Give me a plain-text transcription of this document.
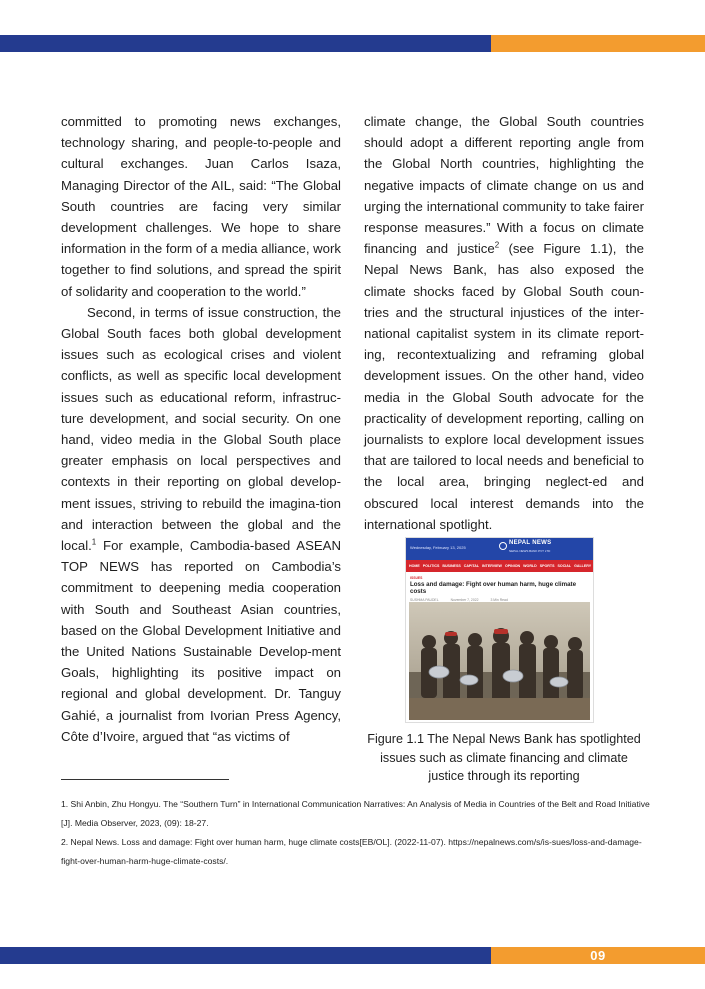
committed to promoting news exchanges, technology sharing, and people-to-people and cultural exchanges. Juan Carlos Isaza, Managing Director of the AIL, said: “The Global South countries are facing very similar development challenges. We hope to share information in the form of a media alliance, work together to find solutions, and spread the spirit of solidarity and cooperation to the world.”

Second, in terms of issue construction, the Global South faces both global development issues such as ecological crises and violent conflicts, as well as specific local development issues such as educational reform, infrastruc-ture development, and social security. On one hand, video media in the Global South place greater emphasis on local perspectives and contexts in their reporting on global develop-ment issues, striving to rebuild the imagina-tion and interaction between the global and the local.$^1$ For example, Cambodia-based ASEAN TOP NEWS has reported on Cambodia’s commitment to deepening media cooperation with South and Southeast Asian countries, based on the Global Development Initiative and the United Nations Sustainable Develop-ment Goals, highlighting its positive impact on regional and global development. Dr. Tanguy Gahié, a journalist from Ivorian Press Agency, Côte d’Ivoire, argued that “as victims of

climate change, the Global South countries should adopt a different reporting angle from the Global North countries, highlighting the negative impacts of climate change on us and urging the international community to take fairer response measures.” With a focus on climate financing and justice$^2$ (see Figure 1.1), the Nepal News Bank, has also exposed the climate shocks faced by Global South coun-tries and the structural injustices of the inter-national capitalist system in its climate report-ing, recontextualizing and reframing global development issues. On the other hand, video media in the Global South advocate for the practicality of development reporting, calling on journalists to explore local development issues that are tailored to local needs and beneficial to the local area, bringing neglect-ed and obscured local interest demands into the international spotlight.

Wednesday, February 13, 2025
NEPAL NEWS
NEPAL NEWS BANK PVT LTD
HOME POLITICS BUSINESS CAPITAL INTERVIEW OPINION WORLD SPORTS SOCIAL GALLERY MORE
ISSUES
Loss and damage: Fight over human harm, huge climate costs
SUSHMA PAUDEL	November 7, 2022	3 Min Read

Figure 1.1 The Nepal News Bank has spotlighted

issues such as climate financing and climate

justice through its reporting

1. Shi Anbin, Zhu Hongyu. The “Southern Turn” in International Communication Narratives: An Analysis of Media in Countries of the Belt and Road Initiative [J]. Media Observer, 2023, (09): 18-27.

2. Nepal News. Loss and damage: Fight over human harm, huge climate costs[EB/OL]. (2022-11-07). https://nepalnews.com/s/is-sues/loss-and-damage-fight-over-human-harm-huge-climate-costs/.

09
